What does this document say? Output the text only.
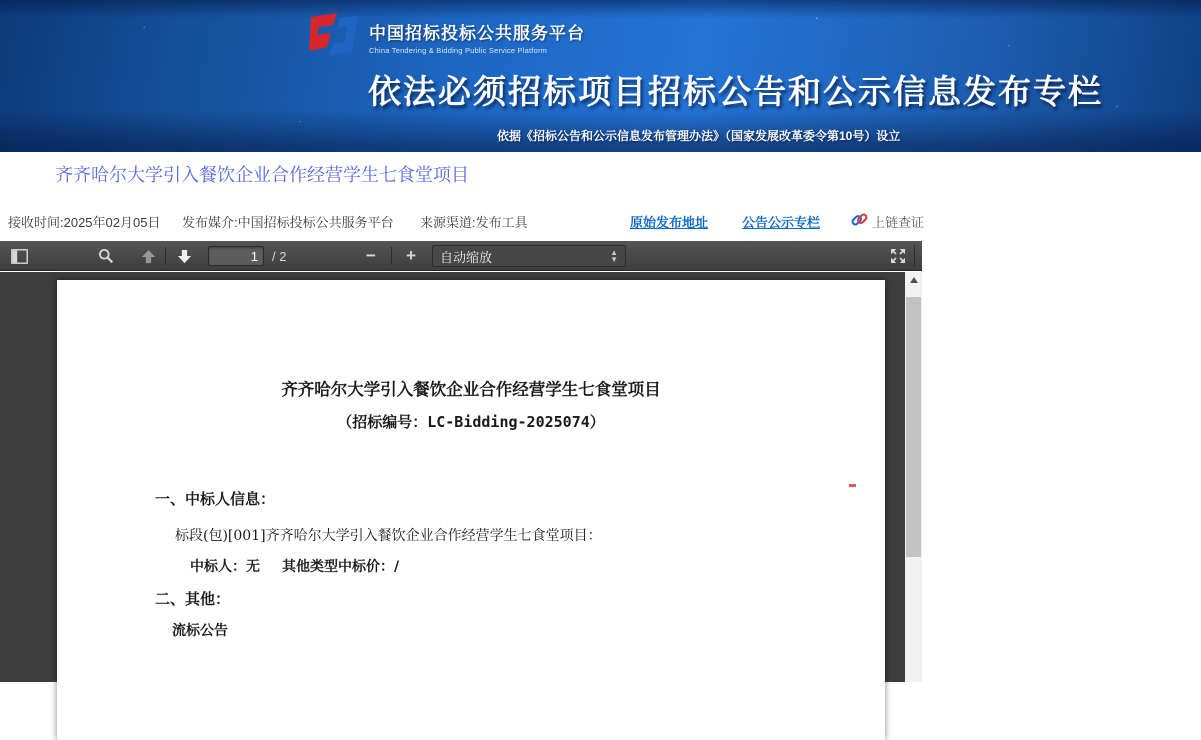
中国招标投标公共服务平台
China Tendering & Bidding Public Service Platform
依法必须招标项目招标公告和公示信息发布专栏
依据《招标公告和公示信息发布管理办法》（国家发展改革委令第10号）设立
齐齐哈尔大学引入餐饮企业合作经营学生七食堂项目
接收时间:2025年02月05日 发布媒介:中国招标投标公共服务平台 来源渠道:发布工具	原始发布地址	公告公示专栏	上链查证
1
/ 2	−	+	自动缩放	▲
▼
齐齐哈尔大学引入餐饮企业合作经营学生七食堂项目
（招标编号：LC-Bidding-2025074）
一、中标人信息：
标段(包)[001]齐齐哈尔大学引入餐饮企业合作经营学生七食堂项目：
中标人：无 其他类型中标价：/
二、其他：
流标公告
